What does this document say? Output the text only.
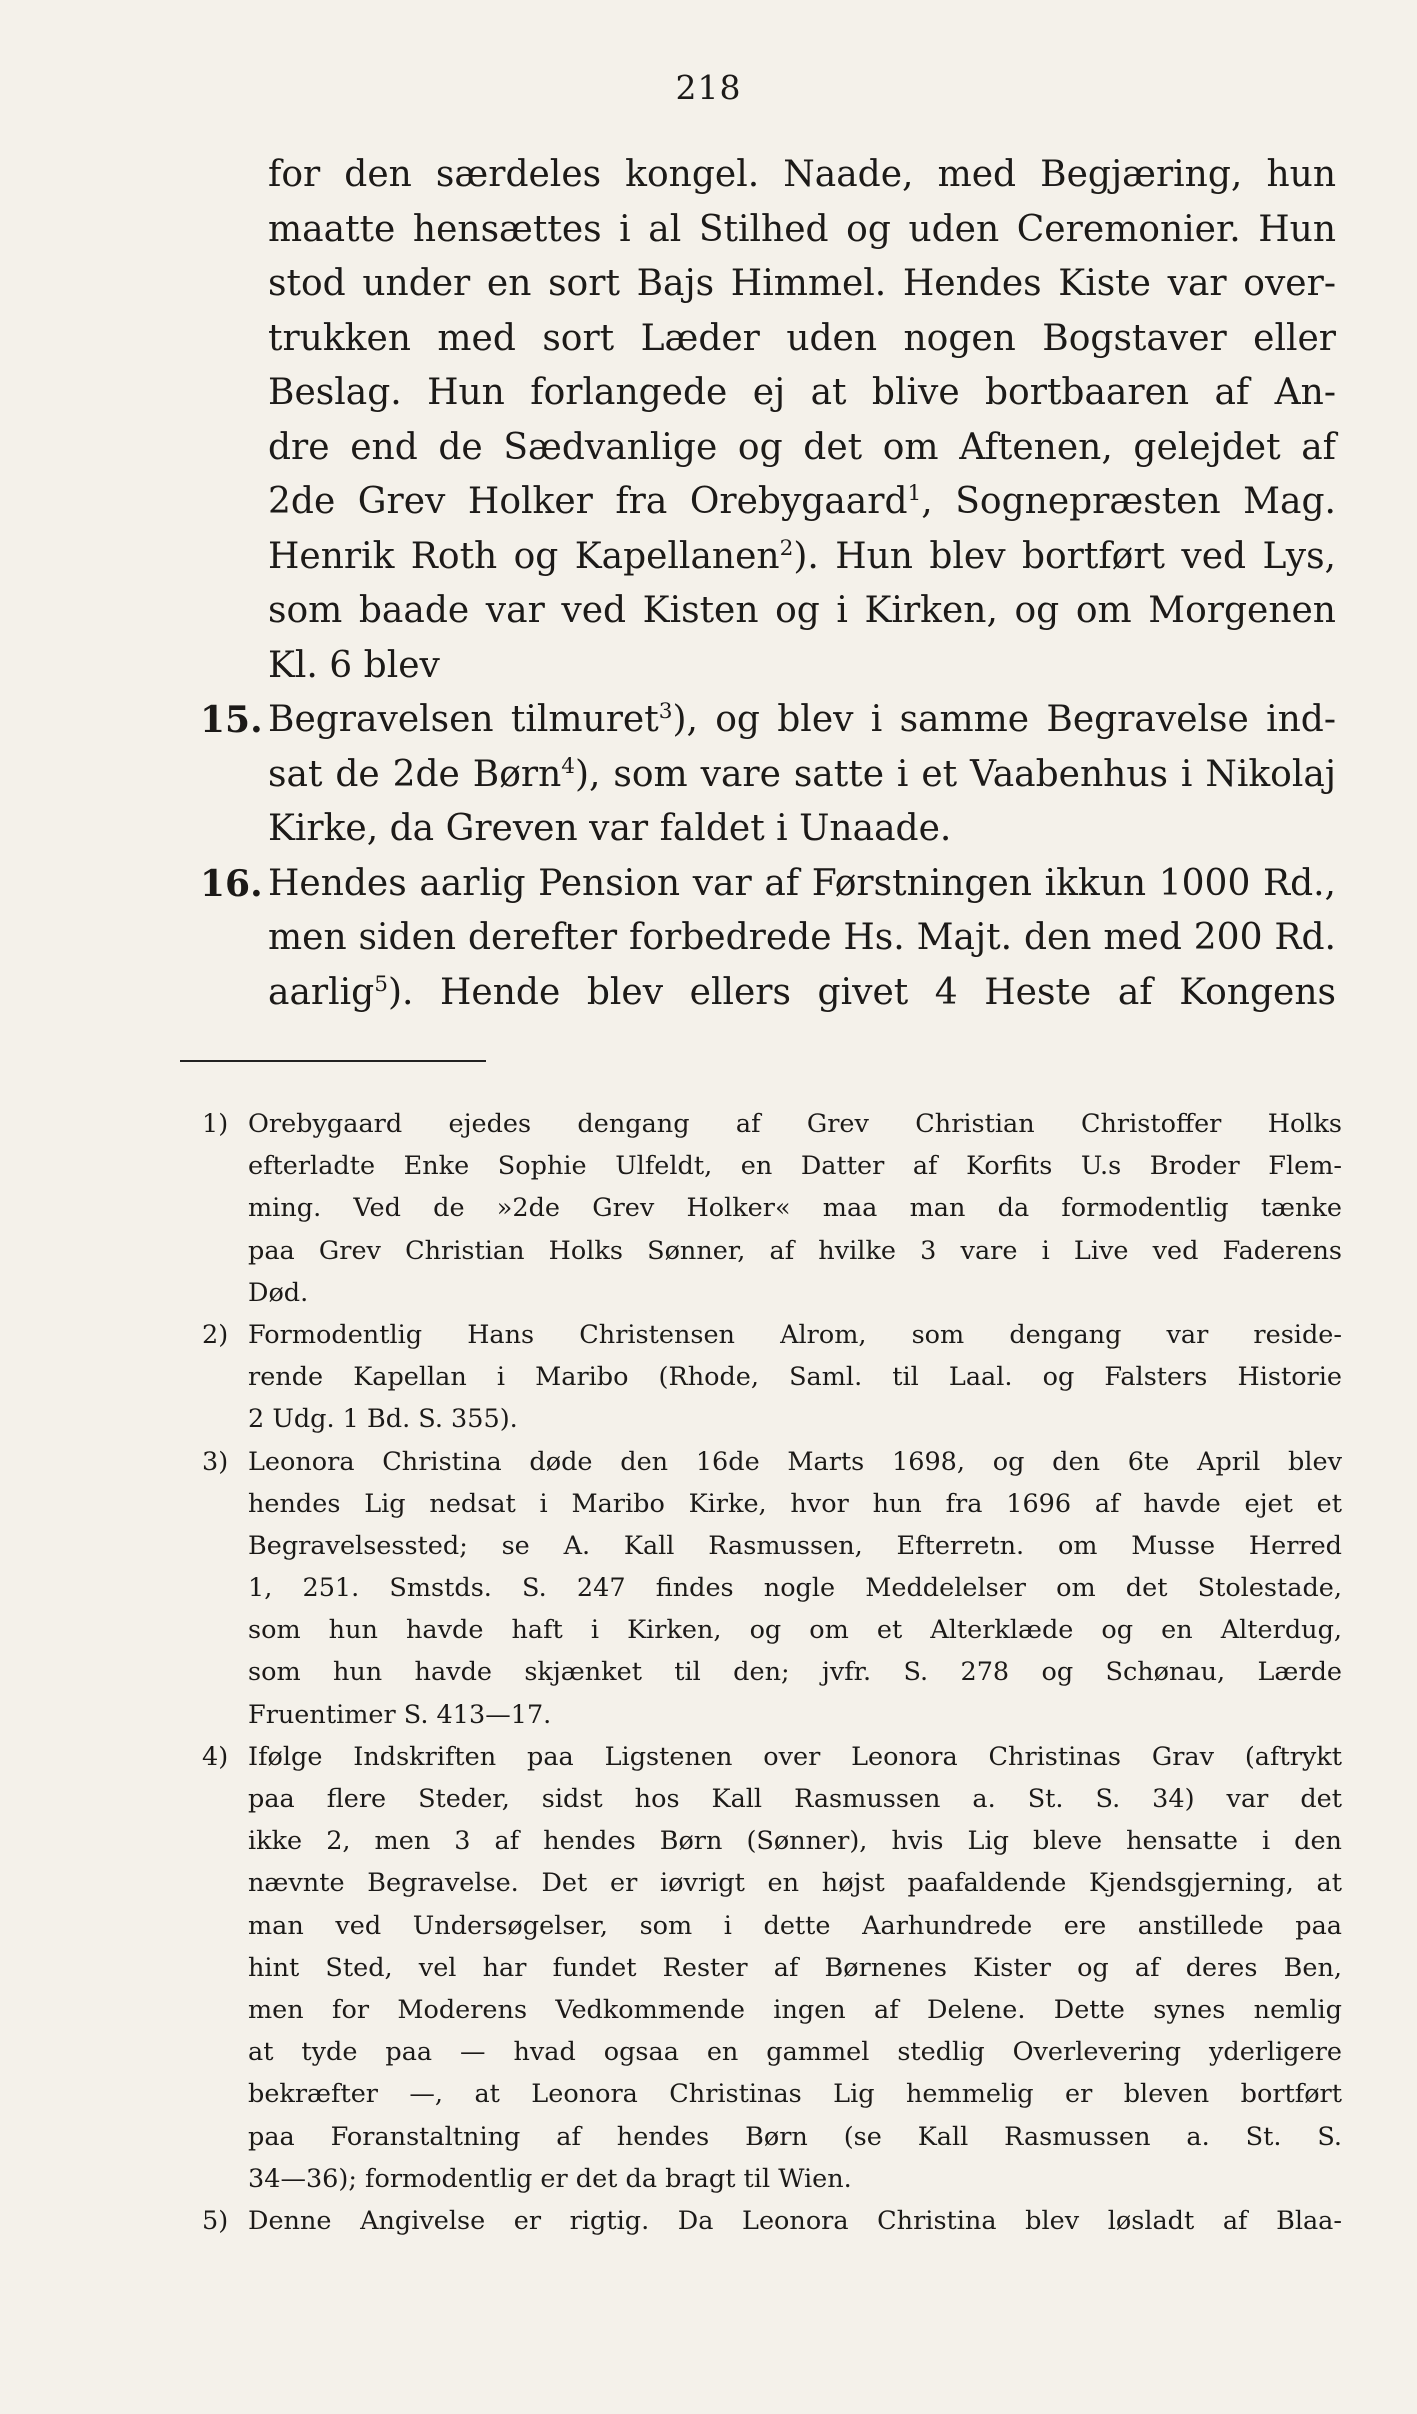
218
for den særdeles kongel. Naade, med Begjæring, hun
maatte hensættes i al Stilhed og uden Ceremonier. Hun
stod under en sort Bajs Himmel. Hendes Kiste var over-
trukken med sort Læder uden nogen Bogstaver eller
Beslag. Hun forlangede ej at blive bortbaaren af An-
dre end de Sædvanlige og det om Aftenen, gelejdet af
2de Grev Holker fra Orebygaard$^1$, Sognepræsten Mag.
Henrik Roth og Kapellanen$^2$). Hun blev bortført ved Lys,
som baade var ved Kisten og i Kirken, og om Morgenen
Kl. 6 blev
15. Begravelsen tilmuret$^3$), og blev i samme Begravelse ind-
sat de 2de Børn$^4$), som vare satte i et Vaabenhus i Nikolaj
Kirke, da Greven var faldet i Unaade.
16. Hendes aarlig Pension var af Førstningen ikkun 1000 Rd.,
men siden derefter forbedrede Hs. Majt. den med 200 Rd.
aarlig$^5$). Hende blev ellers givet 4 Heste af Kongens
1) Orebygaard ejedes dengang af Grev Christian Christoffer Holks
efterladte Enke Sophie Ulfeldt, en Datter af Korfits U.s Broder Flem-
ming. Ved de »2de Grev Holker« maa man da formodentlig tænke
paa Grev Christian Holks Sønner, af hvilke 3 vare i Live ved Faderens
Død.
2) Formodentlig Hans Christensen Alrom, som dengang var reside-
rende Kapellan i Maribo (Rhode, Saml. til Laal. og Falsters Historie
2 Udg. 1 Bd. S. 355).
3) Leonora Christina døde den 16de Marts 1698, og den 6te April blev
hendes Lig nedsat i Maribo Kirke, hvor hun fra 1696 af havde ejet et
Begravelsessted; se A. Kall Rasmussen, Efterretn. om Musse Herred
1, 251. Smstds. S. 247 findes nogle Meddelelser om det Stolestade,
som hun havde haft i Kirken, og om et Alterklæde og en Alterdug,
som hun havde skjænket til den; jvfr. S. 278 og Schønau, Lærde
Fruentimer S. 413—17.
4) Ifølge Indskriften paa Ligstenen over Leonora Christinas Grav (aftrykt
paa flere Steder, sidst hos Kall Rasmussen a. St. S. 34) var det
ikke 2, men 3 af hendes Børn (Sønner), hvis Lig bleve hensatte i den
nævnte Begravelse. Det er iøvrigt en højst paafaldende Kjendsgjerning, at
man ved Undersøgelser, som i dette Aarhundrede ere anstillede paa
hint Sted, vel har fundet Rester af Børnenes Kister og af deres Ben,
men for Moderens Vedkommende ingen af Delene. Dette synes nemlig
at tyde paa — hvad ogsaa en gammel stedlig Overlevering yderligere
bekræfter —, at Leonora Christinas Lig hemmelig er bleven bortført
paa Foranstaltning af hendes Børn (se Kall Rasmussen a. St. S.
34—36); formodentlig er det da bragt til Wien.
5) Denne Angivelse er rigtig. Da Leonora Christina blev løsladt af Blaa-
